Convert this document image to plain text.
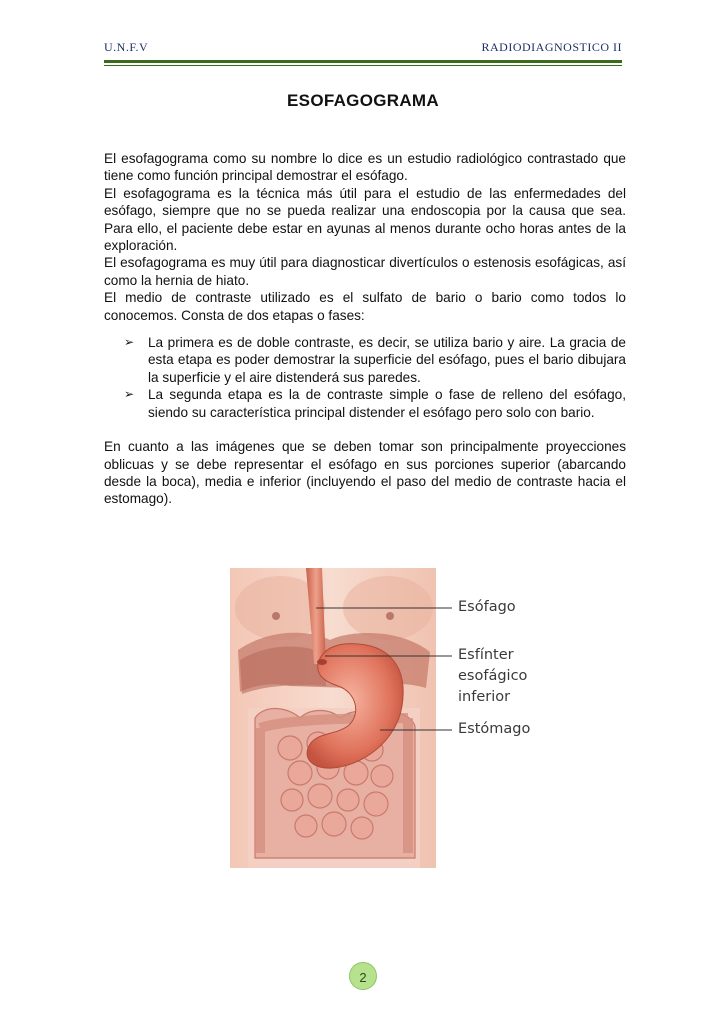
U.N.F.V	RADIODIAGNOSTICO II
ESOFAGOGRAMA

El esofagograma como su nombre lo dice es un estudio radiológico contrastado que tiene como función principal demostrar el esófago.

El esofagograma es la técnica más útil para el estudio de las enfermedades del esófago, siempre que no se pueda realizar una endoscopia por la causa que sea. Para ello, el paciente debe estar en ayunas al menos durante ocho horas antes de la exploración.

El esofagograma es muy útil para diagnosticar divertículos o estenosis esofágicas, así como la hernia de hiato.

El medio de contraste utilizado es el sulfato de bario o bario como todos lo conocemos. Consta de dos etapas o fases:

➢ La primera es de doble contraste, es decir, se utiliza bario y aire. La gracia de esta etapa es poder demostrar la superficie del esófago, pues el bario dibujara la superficie y el aire distenderá sus paredes.
➢ La segunda etapa es la de contraste simple o fase de relleno del esófago, siendo su característica principal distender el esófago pero solo con bario.

En cuanto a las imágenes que se deben tomar son principalmente proyecciones oblicuas y se debe representar el esófago en sus porciones superior (abarcando desde la boca), media e inferior (incluyendo el paso del medio de contraste hacia el estomago).

Esófago
Esfínter
esofágico
inferior
Estómago
2
